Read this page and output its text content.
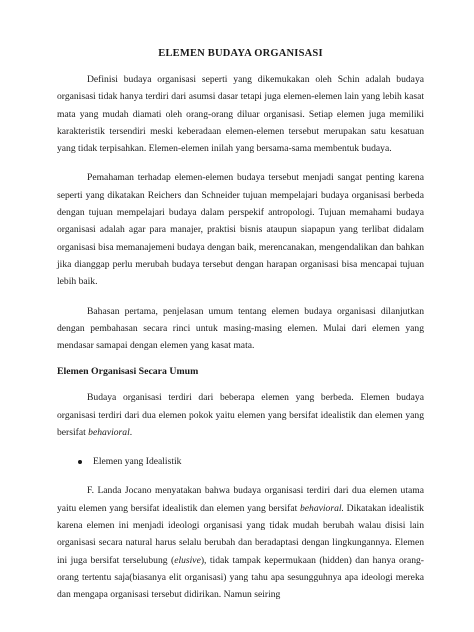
ELEMEN BUDAYA ORGANISASI

Definisi budaya organisasi seperti yang dikemukakan oleh Schin adalah budaya organisasi tidak hanya terdiri dari asumsi dasar tetapi juga elemen-elemen lain yang lebih kasat mata yang mudah diamati oleh orang-orang diluar organisasi. Setiap elemen juga memiliki karakteristik tersendiri meski keberadaan elemen-elemen tersebut merupakan satu kesatuan yang tidak terpisahkan. Elemen-elemen inilah yang bersama-sama membentuk budaya.

Pemahaman terhadap elemen-elemen budaya tersebut menjadi sangat penting karena seperti yang dikatakan Reichers dan Schneider tujuan mempelajari budaya organisasi berbeda dengan tujuan mempelajari budaya dalam perspekif antropologi. Tujuan memahami budaya organisasi adalah agar para manajer, praktisi bisnis ataupun siapapun yang terlibat didalam organisasi bisa memanajemeni budaya dengan baik, merencanakan, mengendalikan dan bahkan jika dianggap perlu merubah budaya tersebut dengan harapan organisasi bisa mencapai tujuan lebih baik.

Bahasan pertama, penjelasan umum tentang elemen budaya organisasi dilanjutkan dengan pembahasan secara rinci untuk masing-masing elemen. Mulai dari elemen yang mendasar samapai dengan elemen yang kasat mata.

Elemen Organisasi Secara Umum

Budaya organisasi terdiri dari beberapa elemen yang berbeda. Elemen budaya organisasi terdiri dari dua elemen pokok yaitu elemen yang bersifat idealistik dan elemen yang bersifat behavioral.

Elemen yang Idealistik

F. Landa Jocano menyatakan bahwa budaya organisasi terdiri dari dua elemen utama yaitu elemen yang bersifat idealistik dan elemen yang bersifat behavioral. Dikatakan idealistik karena elemen ini menjadi ideologi organisasi yang tidak mudah berubah walau disisi lain organisasi secara natural harus selalu berubah dan beradaptasi dengan lingkungannya. Elemen ini juga bersifat terselubung (elusive), tidak tampak kepermukaan (hidden) dan hanya orang-orang tertentu saja(biasanya elit organisasi) yang tahu apa sesungguhnya apa ideologi mereka dan mengapa organisasi tersebut didirikan. Namun seiring
